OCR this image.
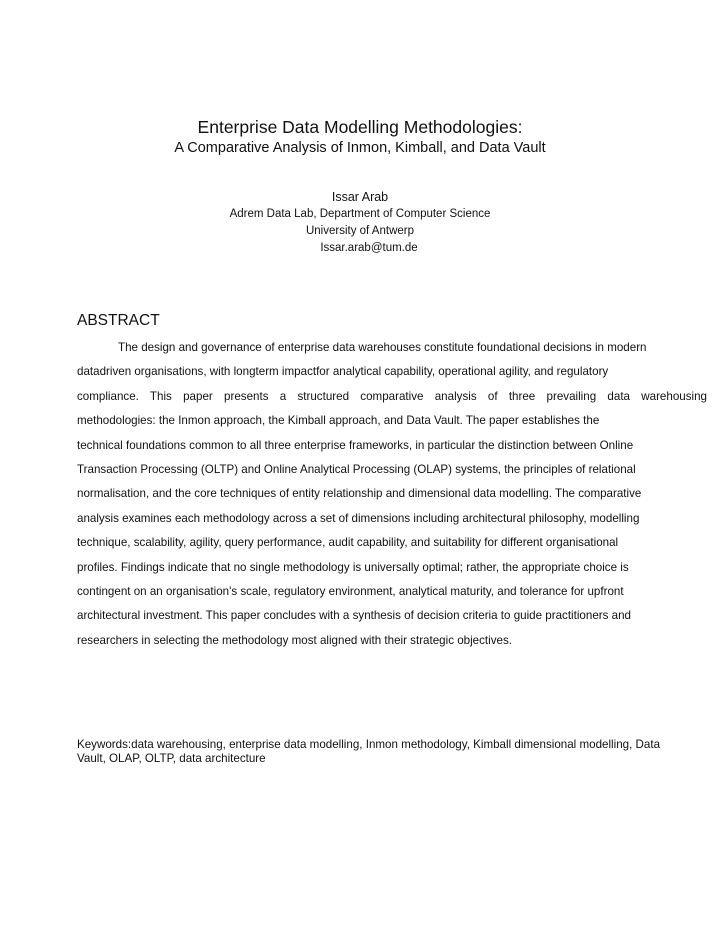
Enterprise Data Modelling Methodologies:
A Comparative Analysis of Inmon, Kimball, and Data Vault
Issar Arab
Adrem Data Lab, Department of Computer Science
University of Antwerp
Issar.arab@tum.de
ABSTRACT
The design and governance of enterprise data warehouses constitute foundational decisions in modern
datadriven organisations, with longterm impactfor analytical capability, operational agility, and regulatory
compliance. This paper presents a structured comparative analysis of three prevailing data warehousing
methodologies: the Inmon approach, the Kimball approach, and Data Vault. The paper establishes the
technical foundations common to all three enterprise frameworks, in particular the distinction between Online
Transaction Processing (OLTP) and Online Analytical Processing (OLAP) systems, the principles of relational
normalisation, and the core techniques of entity relationship and dimensional data modelling. The comparative
analysis examines each methodology across a set of dimensions including architectural philosophy, modelling
technique, scalability, agility, query performance, audit capability, and suitability for different organisational
profiles. Findings indicate that no single methodology is universally optimal; rather, the appropriate choice is
contingent on an organisation's scale, regulatory environment, analytical maturity, and tolerance for upfront
architectural investment. This paper concludes with a synthesis of decision criteria to guide practitioners and
researchers in selecting the methodology most aligned with their strategic objectives.
Keywords:data warehousing, enterprise data modelling, Inmon methodology, Kimball dimensional modelling, Data Vault, OLAP, OLTP, data architecture
